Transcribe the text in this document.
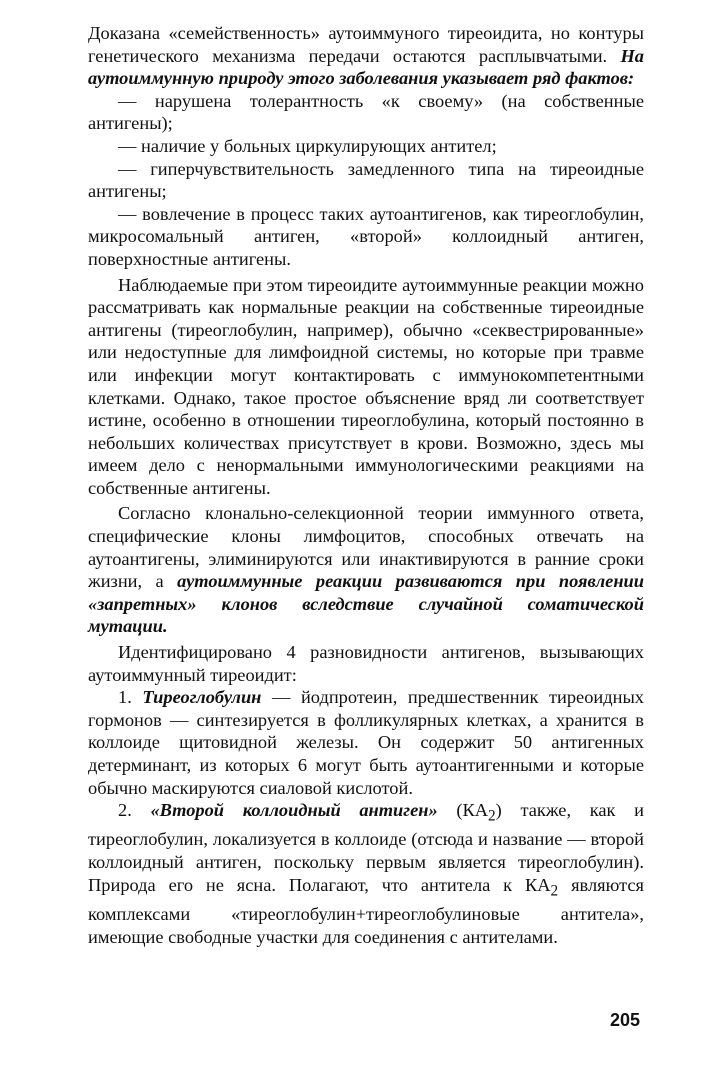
Доказана «семейственность» аутоиммуного тиреоидита, но контуры генетического механизма передачи остаются расплывчатыми. На аутоиммунную природу этого заболевания указывает ряд фактов:

— нарушена толерантность «к своему» (на собственные антигены);

— наличие у больных циркулирующих антител;

— гиперчувствительность замедленного типа на тиреоидные антигены;

— вовлечение в процесс таких аутоантигенов, как тиреоглобулин, микросомальный антиген, «второй» коллоидный антиген, поверхностные антигены.

Наблюдаемые при этом тиреоидите аутоиммунные реакции можно рассматривать как нормальные реакции на собственные тиреоидные антигены (тиреоглобулин, например), обычно «секвестрированные» или недоступные для лимфоидной системы, но которые при травме или инфекции могут контактировать с иммунокомпетентными клетками. Однако, такое простое объяснение вряд ли соответствует истине, особенно в отношении тиреоглобулина, который постоянно в небольших количествах присутствует в крови. Возможно, здесь мы имеем дело с ненормальными иммунологическими реакциями на собственные антигены.

Согласно клонально-селекционной теории иммунного ответа, специфические клоны лимфоцитов, способных отвечать на аутоантигены, элиминируются или инактивируются в ранние сроки жизни, а аутоиммунные реакции развиваются при появлении «запретных» клонов вследствие случайной соматической мутации.

Идентифицировано 4 разновидности антигенов, вызывающих аутоиммунный тиреоидит:

1. Тиреоглобулин — йодпротеин, предшественник тиреоидных гормонов — синтезируется в фолликулярных клетках, а хранится в коллоиде щитовидной железы. Он содержит 50 антигенных детерминант, из которых 6 могут быть аутоантигенными и которые обычно маскируются сиаловой кислотой.

2. «Второй коллоидный антиген» $(КА_2)$ также, как и тиреоглобулин, локализуется в коллоиде (отсюда и название — второй коллоидный антиген, поскольку первым является тиреоглобулин). Природа его не ясна. Полагают, что антитела к $КА_2$ являются комплексами «тиреоглобулин+тиреоглобулиновые антитела», имеющие свободные участки для соединения с антителами.

205
